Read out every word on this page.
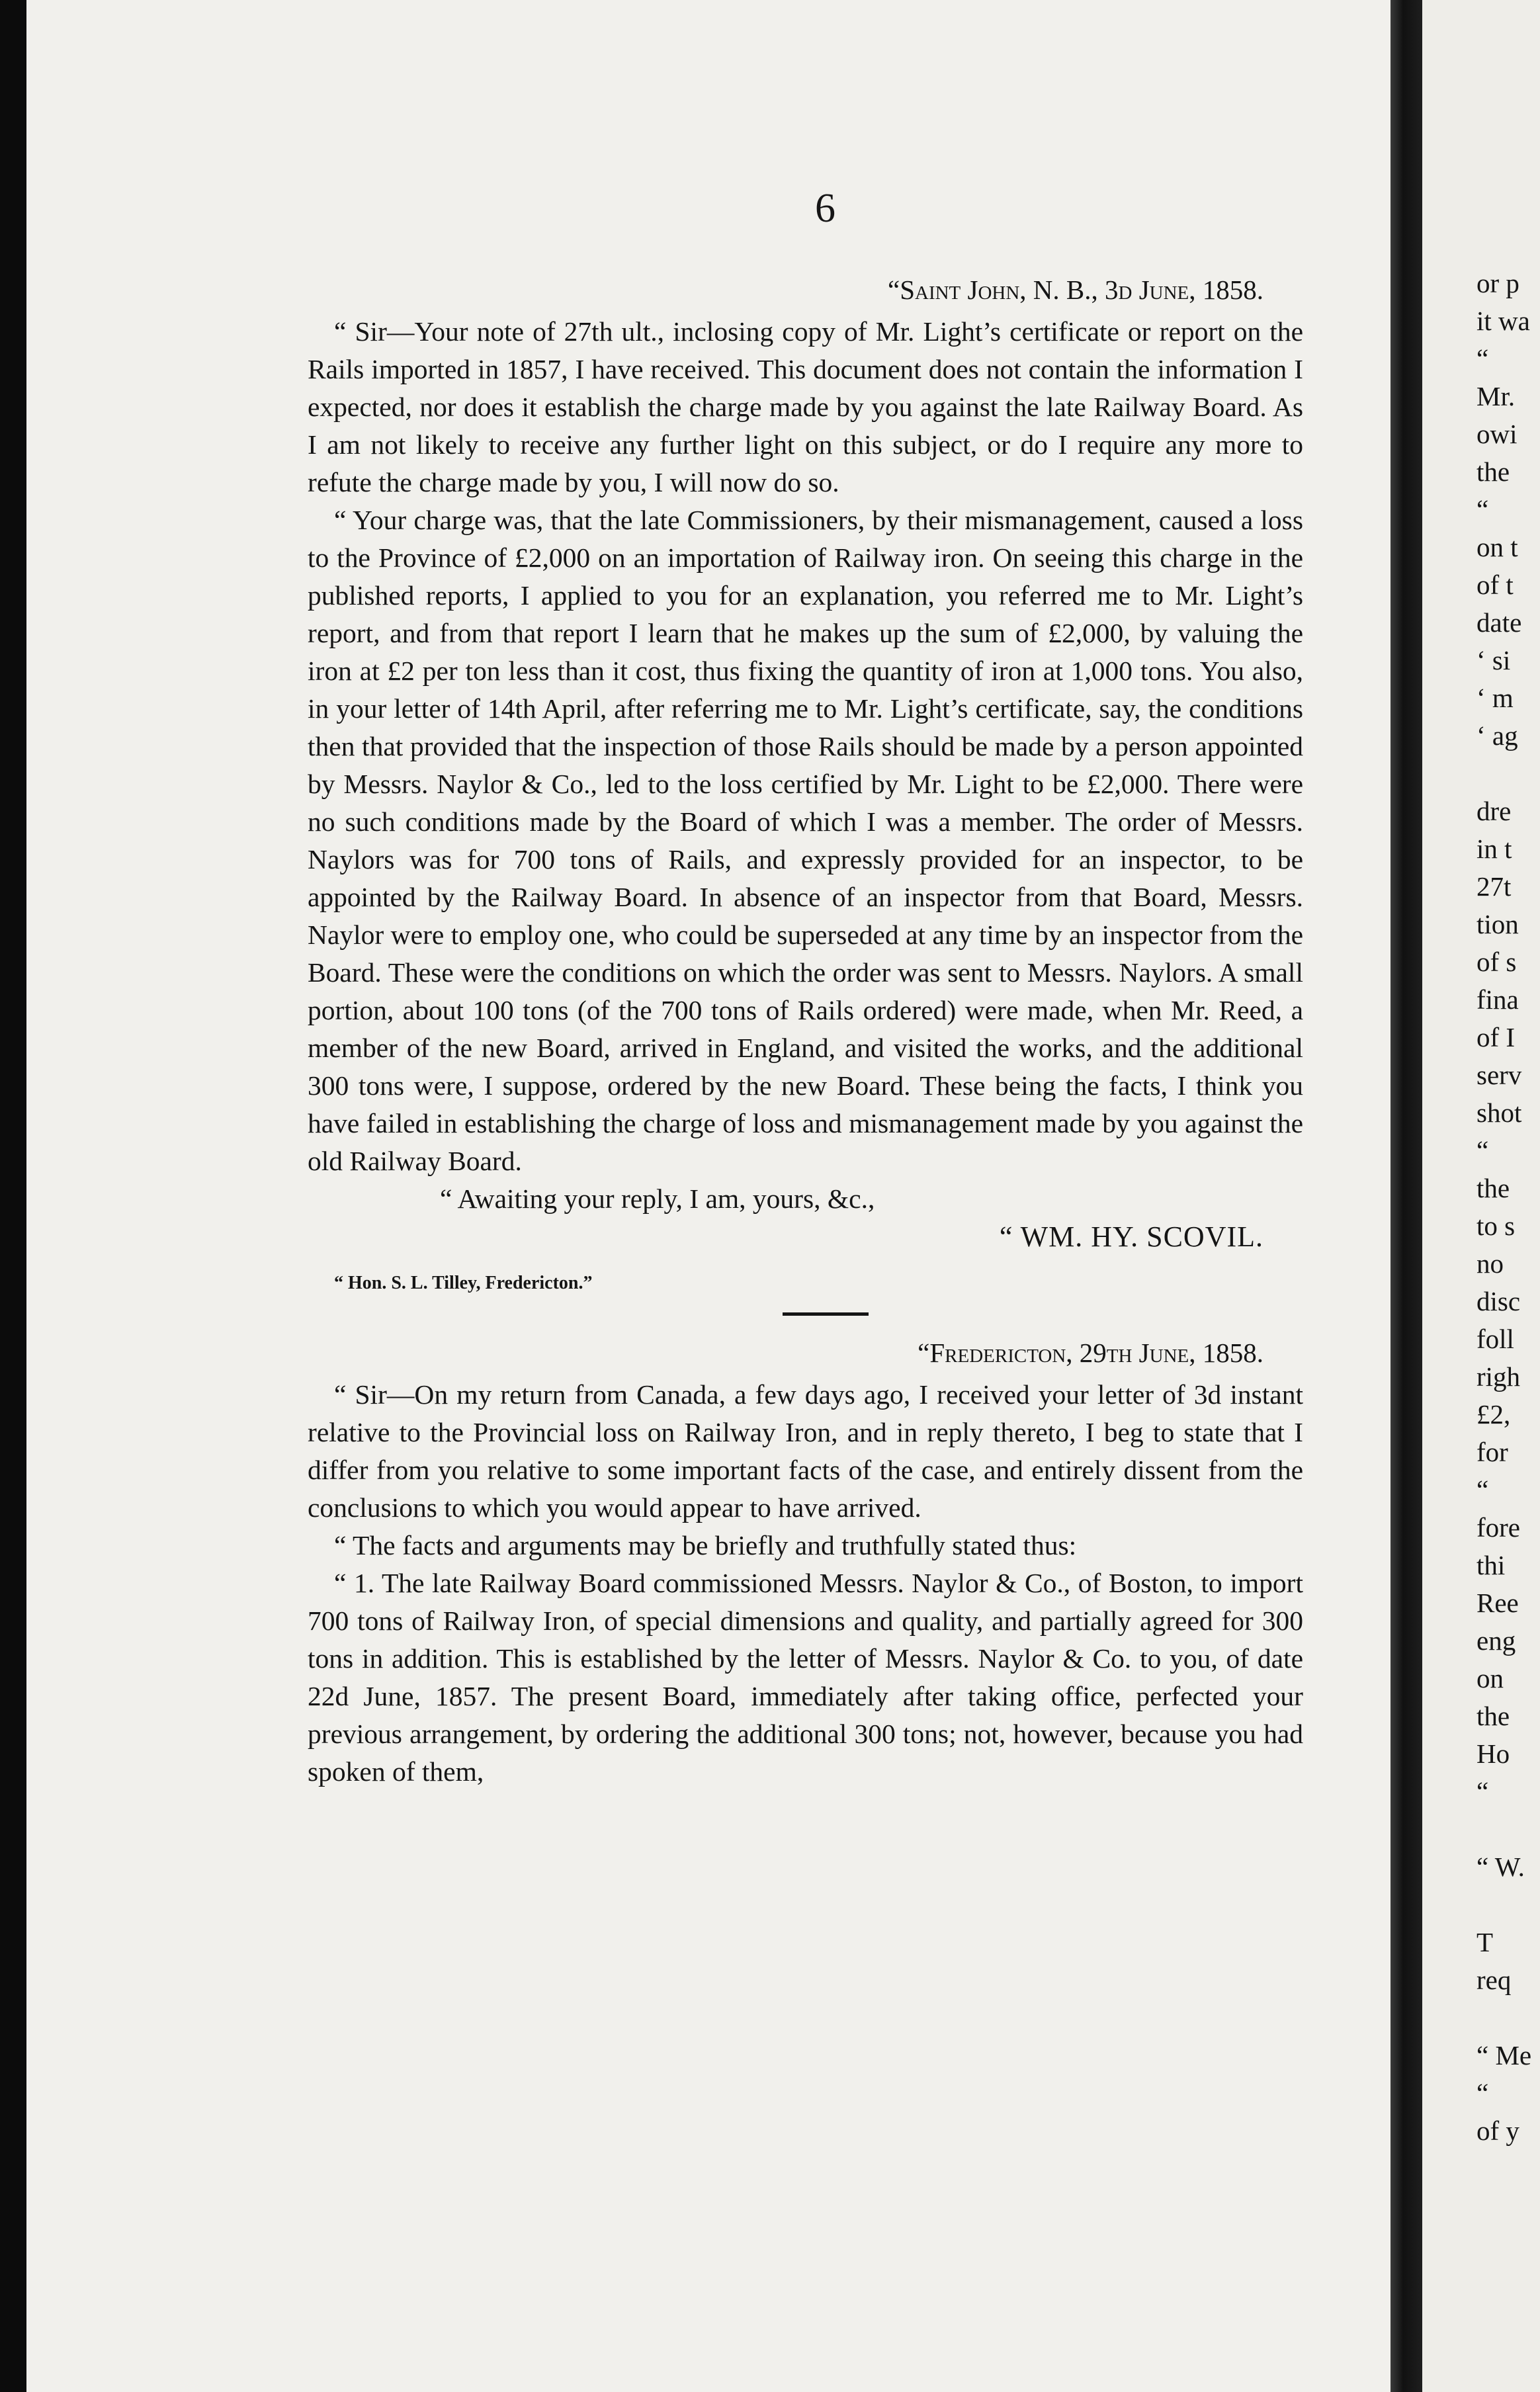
6
“Saint John, N. B., 3d June, 1858.

“ Sir—Your note of 27th ult., inclosing copy of Mr. Light’s certificate or report on the Rails imported in 1857, I have received. This document does not contain the information I expected, nor does it establish the charge made by you against the late Railway Board. As I am not likely to receive any further light on this subject, or do I require any more to refute the charge made by you, I will now do so.

“ Your charge was, that the late Commissioners, by their mismanagement, caused a loss to the Province of £2,000 on an importation of Railway iron. On seeing this charge in the published reports, I applied to you for an explanation, you referred me to Mr. Light’s report, and from that report I learn that he makes up the sum of £2,000, by valuing the iron at £2 per ton less than it cost, thus fixing the quantity of iron at 1,000 tons. You also, in your letter of 14th April, after referring me to Mr. Light’s certificate, say, the conditions then that provided that the inspection of those Rails should be made by a person appointed by Messrs. Naylor & Co., led to the loss certified by Mr. Light to be £2,000. There were no such conditions made by the Board of which I was a member. The order of Messrs. Naylors was for 700 tons of Rails, and expressly provided for an inspector, to be appointed by the Railway Board. In absence of an inspector from that Board, Messrs. Naylor were to employ one, who could be superseded at any time by an inspector from the Board. These were the conditions on which the order was sent to Messrs. Naylors. A small portion, about 100 tons (of the 700 tons of Rails ordered) were made, when Mr. Reed, a member of the new Board, arrived in England, and visited the works, and the additional 300 tons were, I suppose, ordered by the new Board. These being the facts, I think you have failed in establishing the charge of loss and mismanagement made by you against the old Railway Board.

“ Awaiting your reply, I am, yours, &c.,

“ WM. HY. SCOVIL.
“ Hon. S. L. Tilley, Fredericton.”
“Fredericton, 29th June, 1858.

“ Sir—On my return from Canada, a few days ago, I received your letter of 3d instant relative to the Provincial loss on Railway Iron, and in reply thereto, I beg to state that I differ from you relative to some important facts of the case, and entirely dissent from the conclusions to which you would appear to have arrived.

“ The facts and arguments may be briefly and truthfully stated thus:

“ 1. The late Railway Board commissioned Messrs. Naylor & Co., of Boston, to import 700 tons of Railway Iron, of special dimensions and quality, and partially agreed for 300 tons in addition. This is established by the letter of Messrs. Naylor & Co. to you, of date 22d June, 1857. The present Board, immediately after taking office, perfected your previous arrangement, by ordering the additional 300 tons; not, however, because you had spoken of them,

or p
it wa
“
Mr.
owi
the
“
on t
of t
date
‘ si
‘ m
‘ ag
dre
in t
27t
tion
of s
fina
of I
serv
shot
“
the
to s
no
disc
foll
righ
£2,
for
“
fore
thi
Ree
eng
on
the
Ho
“
“ W.
T
req
“ Me
“
of y
